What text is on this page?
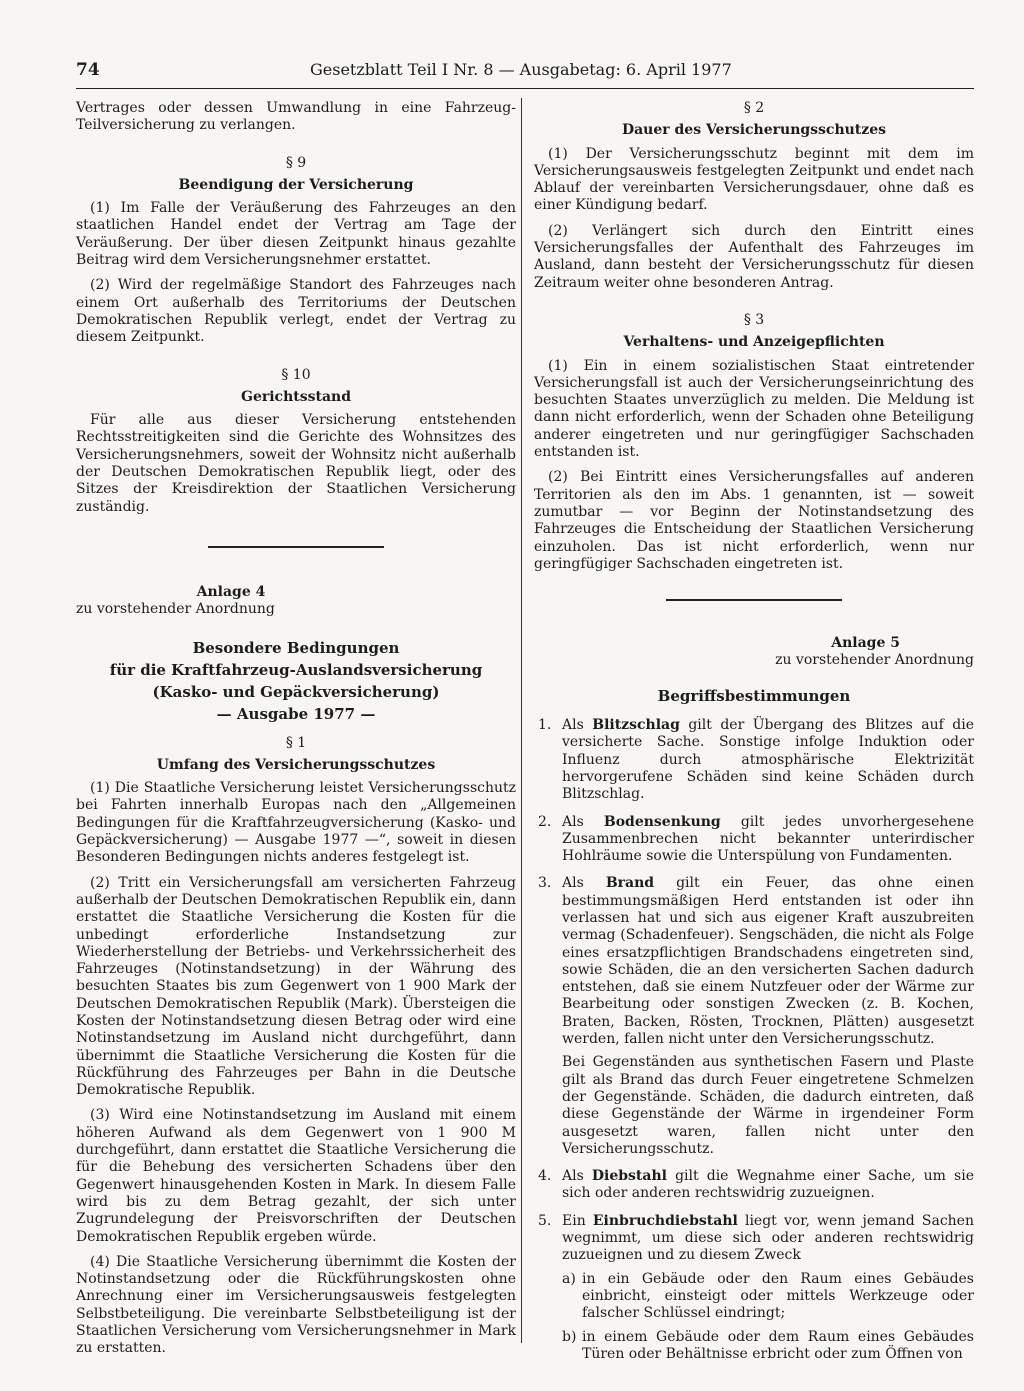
74	Gesetzblatt Teil I Nr. 8 — Ausgabetag: 6. April 1977

Vertrages oder dessen Umwandlung in eine Fahrzeug-Teilversicherung zu verlangen.

§ 9
Beendigung der Versicherung

(1) Im Falle der Veräußerung des Fahrzeuges an den staatlichen Handel endet der Vertrag am Tage der Veräußerung. Der über diesen Zeitpunkt hinaus gezahlte Beitrag wird dem Versicherungsnehmer erstattet.

(2) Wird der regelmäßige Standort des Fahrzeuges nach einem Ort außerhalb des Territoriums der Deutschen Demokratischen Republik verlegt, endet der Vertrag zu diesem Zeitpunkt.

§ 10
Gerichtsstand

Für alle aus dieser Versicherung entstehenden Rechtsstreitigkeiten sind die Gerichte des Wohnsitzes des Versicherungsnehmers, soweit der Wohnsitz nicht außerhalb der Deutschen Demokratischen Republik liegt, oder des Sitzes der Kreisdirektion der Staatlichen Versicherung zuständig.

Anlage 4
zu vorstehender Anordnung
Besondere Bedingungen
für die Kraftfahrzeug-Auslandsversicherung
(Kasko- und Gepäckversicherung)
— Ausgabe 1977 —
§ 1
Umfang des Versicherungsschutzes

(1) Die Staatliche Versicherung leistet Versicherungsschutz bei Fahrten innerhalb Europas nach den „Allgemeinen Bedingungen für die Kraftfahrzeugversicherung (Kasko- und Gepäckversicherung) — Ausgabe 1977 —“, soweit in diesen Besonderen Bedingungen nichts anderes festgelegt ist.

(2) Tritt ein Versicherungsfall am versicherten Fahrzeug außerhalb der Deutschen Demokratischen Republik ein, dann erstattet die Staatliche Versicherung die Kosten für die unbedingt erforderliche Instandsetzung zur Wiederherstellung der Betriebs- und Verkehrssicherheit des Fahrzeuges (Notinstandsetzung) in der Währung des besuchten Staates bis zum Gegenwert von 1 900 Mark der Deutschen Demokratischen Republik (Mark). Übersteigen die Kosten der Notinstandsetzung diesen Betrag oder wird eine Notinstandsetzung im Ausland nicht durchgeführt, dann übernimmt die Staatliche Versicherung die Kosten für die Rückführung des Fahrzeuges per Bahn in die Deutsche Demokratische Republik.

(3) Wird eine Notinstandsetzung im Ausland mit einem höheren Aufwand als dem Gegenwert von 1 900 M durchgeführt, dann erstattet die Staatliche Versicherung die für die Behebung des versicherten Schadens über den Gegenwert hinausgehenden Kosten in Mark. In diesem Falle wird bis zu dem Betrag gezahlt, der sich unter Zugrundelegung der Preisvorschriften der Deutschen Demokratischen Republik ergeben würde.

(4) Die Staatliche Versicherung übernimmt die Kosten der Notinstandsetzung oder die Rückführungskosten ohne Anrechnung einer im Versicherungsausweis festgelegten Selbstbeteiligung. Die vereinbarte Selbstbeteiligung ist der Staatlichen Versicherung vom Versicherungsnehmer in Mark zu erstatten.

§ 2
Dauer des Versicherungsschutzes

(1) Der Versicherungsschutz beginnt mit dem im Versicherungsausweis festgelegten Zeitpunkt und endet nach Ablauf der vereinbarten Versicherungsdauer, ohne daß es einer Kündigung bedarf.

(2) Verlängert sich durch den Eintritt eines Versicherungsfalles der Aufenthalt des Fahrzeuges im Ausland, dann besteht der Versicherungsschutz für diesen Zeitraum weiter ohne besonderen Antrag.

§ 3
Verhaltens- und Anzeigepflichten

(1) Ein in einem sozialistischen Staat eintretender Versicherungsfall ist auch der Versicherungseinrichtung des besuchten Staates unverzüglich zu melden. Die Meldung ist dann nicht erforderlich, wenn der Schaden ohne Beteiligung anderer eingetreten und nur geringfügiger Sachschaden entstanden ist.

(2) Bei Eintritt eines Versicherungsfalles auf anderen Territorien als den im Abs. 1 genannten, ist — soweit zumutbar — vor Beginn der Notinstandsetzung des Fahrzeuges die Entscheidung der Staatlichen Versicherung einzuholen. Das ist nicht erforderlich, wenn nur geringfügiger Sachschaden eingetreten ist.

Anlage 5
zu vorstehender Anordnung
Begriffsbestimmungen
1. Als Blitzschlag gilt der Übergang des Blitzes auf die versicherte Sache. Sonstige infolge Induktion oder Influenz durch atmosphärische Elektrizität hervorgerufene Schäden sind keine Schäden durch Blitzschlag.
2. Als Bodensenkung gilt jedes unvorhergesehene Zusammenbrechen nicht bekannter unterirdischer Hohlräume sowie die Unterspülung von Fundamenten.
3. Als Brand gilt ein Feuer, das ohne einen bestimmungsmäßigen Herd entstanden ist oder ihn verlassen hat und sich aus eigener Kraft auszubreiten vermag (Schadenfeuer). Sengschäden, die nicht als Folge eines ersatzpflichtigen Brandschadens eingetreten sind, sowie Schäden, die an den versicherten Sachen dadurch entstehen, daß sie einem Nutzfeuer oder der Wärme zur Bearbeitung oder sonstigen Zwecken (z. B. Kochen, Braten, Backen, Rösten, Trocknen, Plätten) ausgesetzt werden, fallen nicht unter den Versicherungsschutz.
Bei Gegenständen aus synthetischen Fasern und Plaste gilt als Brand das durch Feuer eingetretene Schmelzen der Gegenstände. Schäden, die dadurch eintreten, daß diese Gegenstände der Wärme in irgendeiner Form ausgesetzt waren, fallen nicht unter den Versicherungsschutz.
4. Als Diebstahl gilt die Wegnahme einer Sache, um sie sich oder anderen rechtswidrig zuzueignen.
5. Ein Einbruchdiebstahl liegt vor, wenn jemand Sachen wegnimmt, um diese sich oder anderen rechtswidrig zuzueignen und zu diesem Zweck
a) in ein Gebäude oder den Raum eines Gebäudes einbricht, einsteigt oder mittels Werkzeuge oder falscher Schlüssel eindringt;
b) in einem Gebäude oder dem Raum eines Gebäudes Türen oder Behältnisse erbricht oder zum Öffnen von
